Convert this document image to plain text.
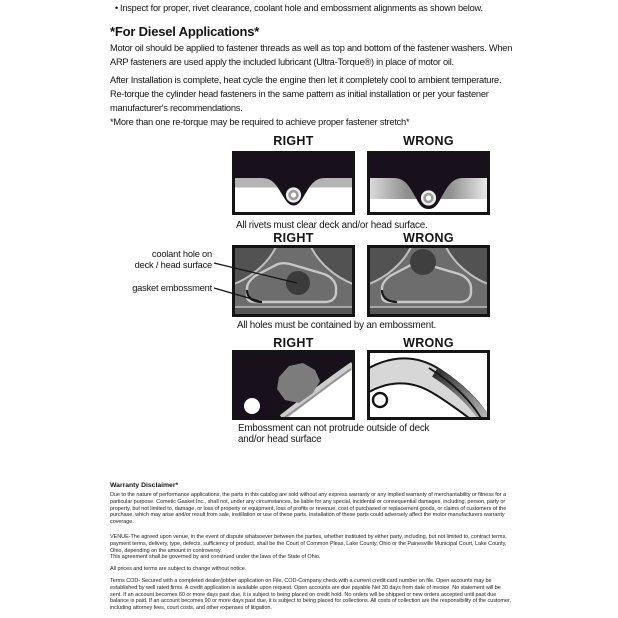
• Inspect for proper, rivet clearance, coolant hole and embossment alignments as shown below.
*For Diesel Applications*

Motor oil should be applied to fastener threads as well as top and bottom of the fastener washers. When ARP fasteners are used apply the included lubricant (Ultra-Torque®) in place of motor oil.

After Installation is complete, heat cycle the engine then let it completely cool to ambient temperature. Re-torque the cylinder head fasteners in the same pattern as initial installation or per your fastener manufacturer's recommendations.

*More than one re-torque may be required to achieve proper fastener stretch*

RIGHT	WRONG
All rivets must clear deck and/or head surface.
RIGHT	WRONG
coolant hole on
deck / head surface
gasket embossment
All holes must be contained by an embossment.
RIGHT	WRONG
Embossment can not protrude outside of deck
and/or head surface
Warranty Disclaimer*
Due to the nature of performance applications, the parts in this catalog are sold without any express warranty or any implied warranty of merchantability or fitness for a particular purpose. Cometic Gasket Inc., shall not, under any circumstances, be liable for any special, incidental or consequential damages, including, person, party or property, but not limited to, damage, or loss of property or equipment, loss of profits or revenue, cost of purchased or replacement goods, or claims of customers of the purchase, which may arise and/or result from sale, instillation or use of these parts. Installation of these parts could adversely affect the motor manufacturers warranty coverage.
VENUE-The agreed upon venue, in the event of dispute whatsoever between the parties, whether instituted by either party, including, but not limited to, contract terms, payment terms, delivery, type, defects, sufficiency of product, shall be the Court of Common Pleas, Lake County, Ohio or the Painesville Municipal Court, Lake County, Ohio, depending on the amount in controversy.
This agreement shall be governed by and construed under the laws of the State of Ohio.
All prices and terms are subject to change without notice.
Terms COD- Secured with a completed dealer/jobber application on File, COD-Company check with a current credit card number on file. Open accounts may be established by well rated firms. A credit application is available upon request. Open accounts are due payable Net 30 days from date of invoice. No statement will be sent. If an account becomes 60 or more days past due, it is subject to being placed on credit hold. No orders will be shipped or new orders accepted until past due balance is paid. If an account becomes 90 or more days past due, it is subject to being placed for collections. All costs of collection are the responsibility of the customer, including attorney fees, court costs, and other expenses of litigation.
